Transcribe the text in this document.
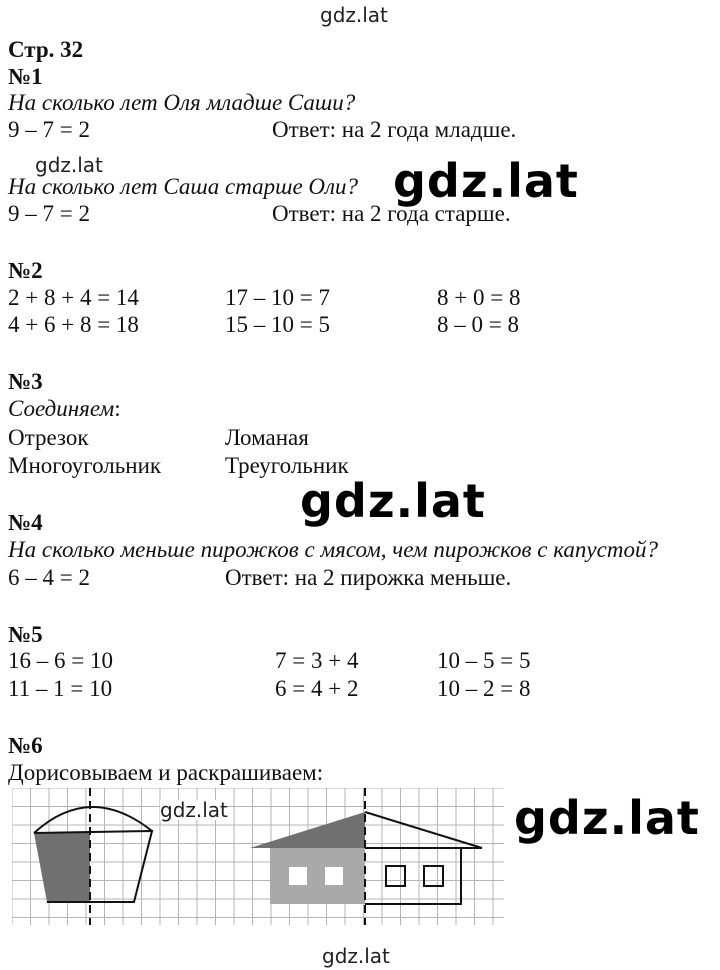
gdz.lat
gdz.lat
Стр. 32
№1
На сколько лет Оля младше Саши?
9 – 7 = 2	Ответ: на 2 года младше.
На сколько лет Саша старше Оли?
9 – 7 = 2	Ответ: на 2 года старше.
gdz.lat
№2
2 + 8 + 4 = 14	17 – 10 = 7	8 + 0 = 8
4 + 6 + 8 = 18	15 – 10 = 5	8 – 0 = 8
№3
Соединяем:
Отрезок	Ломаная
Многоугольник	Треугольник
gdz.lat
№4
На сколько меньше пирожков с мясом, чем пирожков с капустой?
6 – 4 = 2	Ответ: на 2 пирожка меньше.
№5
16 – 6 = 10	7 = 3 + 4	10 – 5 = 5
11 – 1 = 10	6 = 4 + 2	10 – 2 = 8
№6
Дорисовываем и раскрашиваем:
gdz.lat	gdz.lat
gdz.lat
